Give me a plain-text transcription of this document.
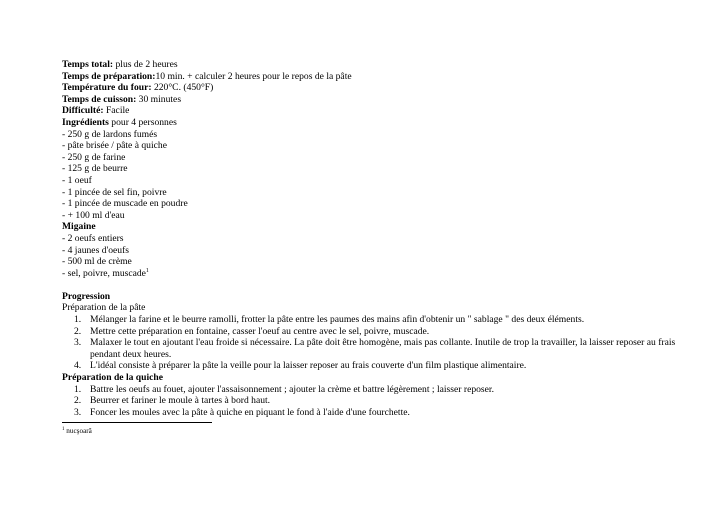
Temps total: plus de 2 heures
Temps de préparation:10 min. + calculer 2 heures pour le repos de la pâte
Température du four: 220°C. (450°F)
Temps de cuisson: 30 minutes
Difficulté: Facile
Ingrédients pour 4 personnes
- 250 g de lardons fumés
- pâte brisée / pâte à quiche
- 250 g de farine
- 125 g de beurre
- 1 oeuf
- 1 pincée de sel fin, poivre
- 1 pincée de muscade en poudre
- + 100 ml d'eau
Migaine
- 2 oeufs entiers
- 4 jaunes d'oeufs
- 500 ml de crème
- sel, poivre, muscade$^1$
Progression
Préparation de la pâte
1. Mélanger la farine et le beurre ramolli, frotter la pâte entre les paumes des mains afin d'obtenir un " sablage " des deux éléments.
2. Mettre cette préparation en fontaine, casser l'oeuf au centre avec le sel, poivre, muscade.
3. Malaxer le tout en ajoutant l'eau froide si nécessaire. La pâte doit être homogène, mais pas collante. Inutile de trop la travailler, la laisser reposer au frais pendant deux heures.
4. L'idéal consiste à préparer la pâte la veille pour la laisser reposer au frais couverte d'un film plastique alimentaire.
Préparation de la quiche
1. Battre les oeufs au fouet, ajouter l'assaisonnement ; ajouter la crème et battre légèrement ; laisser reposer.
2. Beurrer et fariner le moule à tartes à bord haut.
3. Foncer les moules avec la pâte à quiche en piquant le fond à l'aide d'une fourchette.
$^1$ nucşoară
